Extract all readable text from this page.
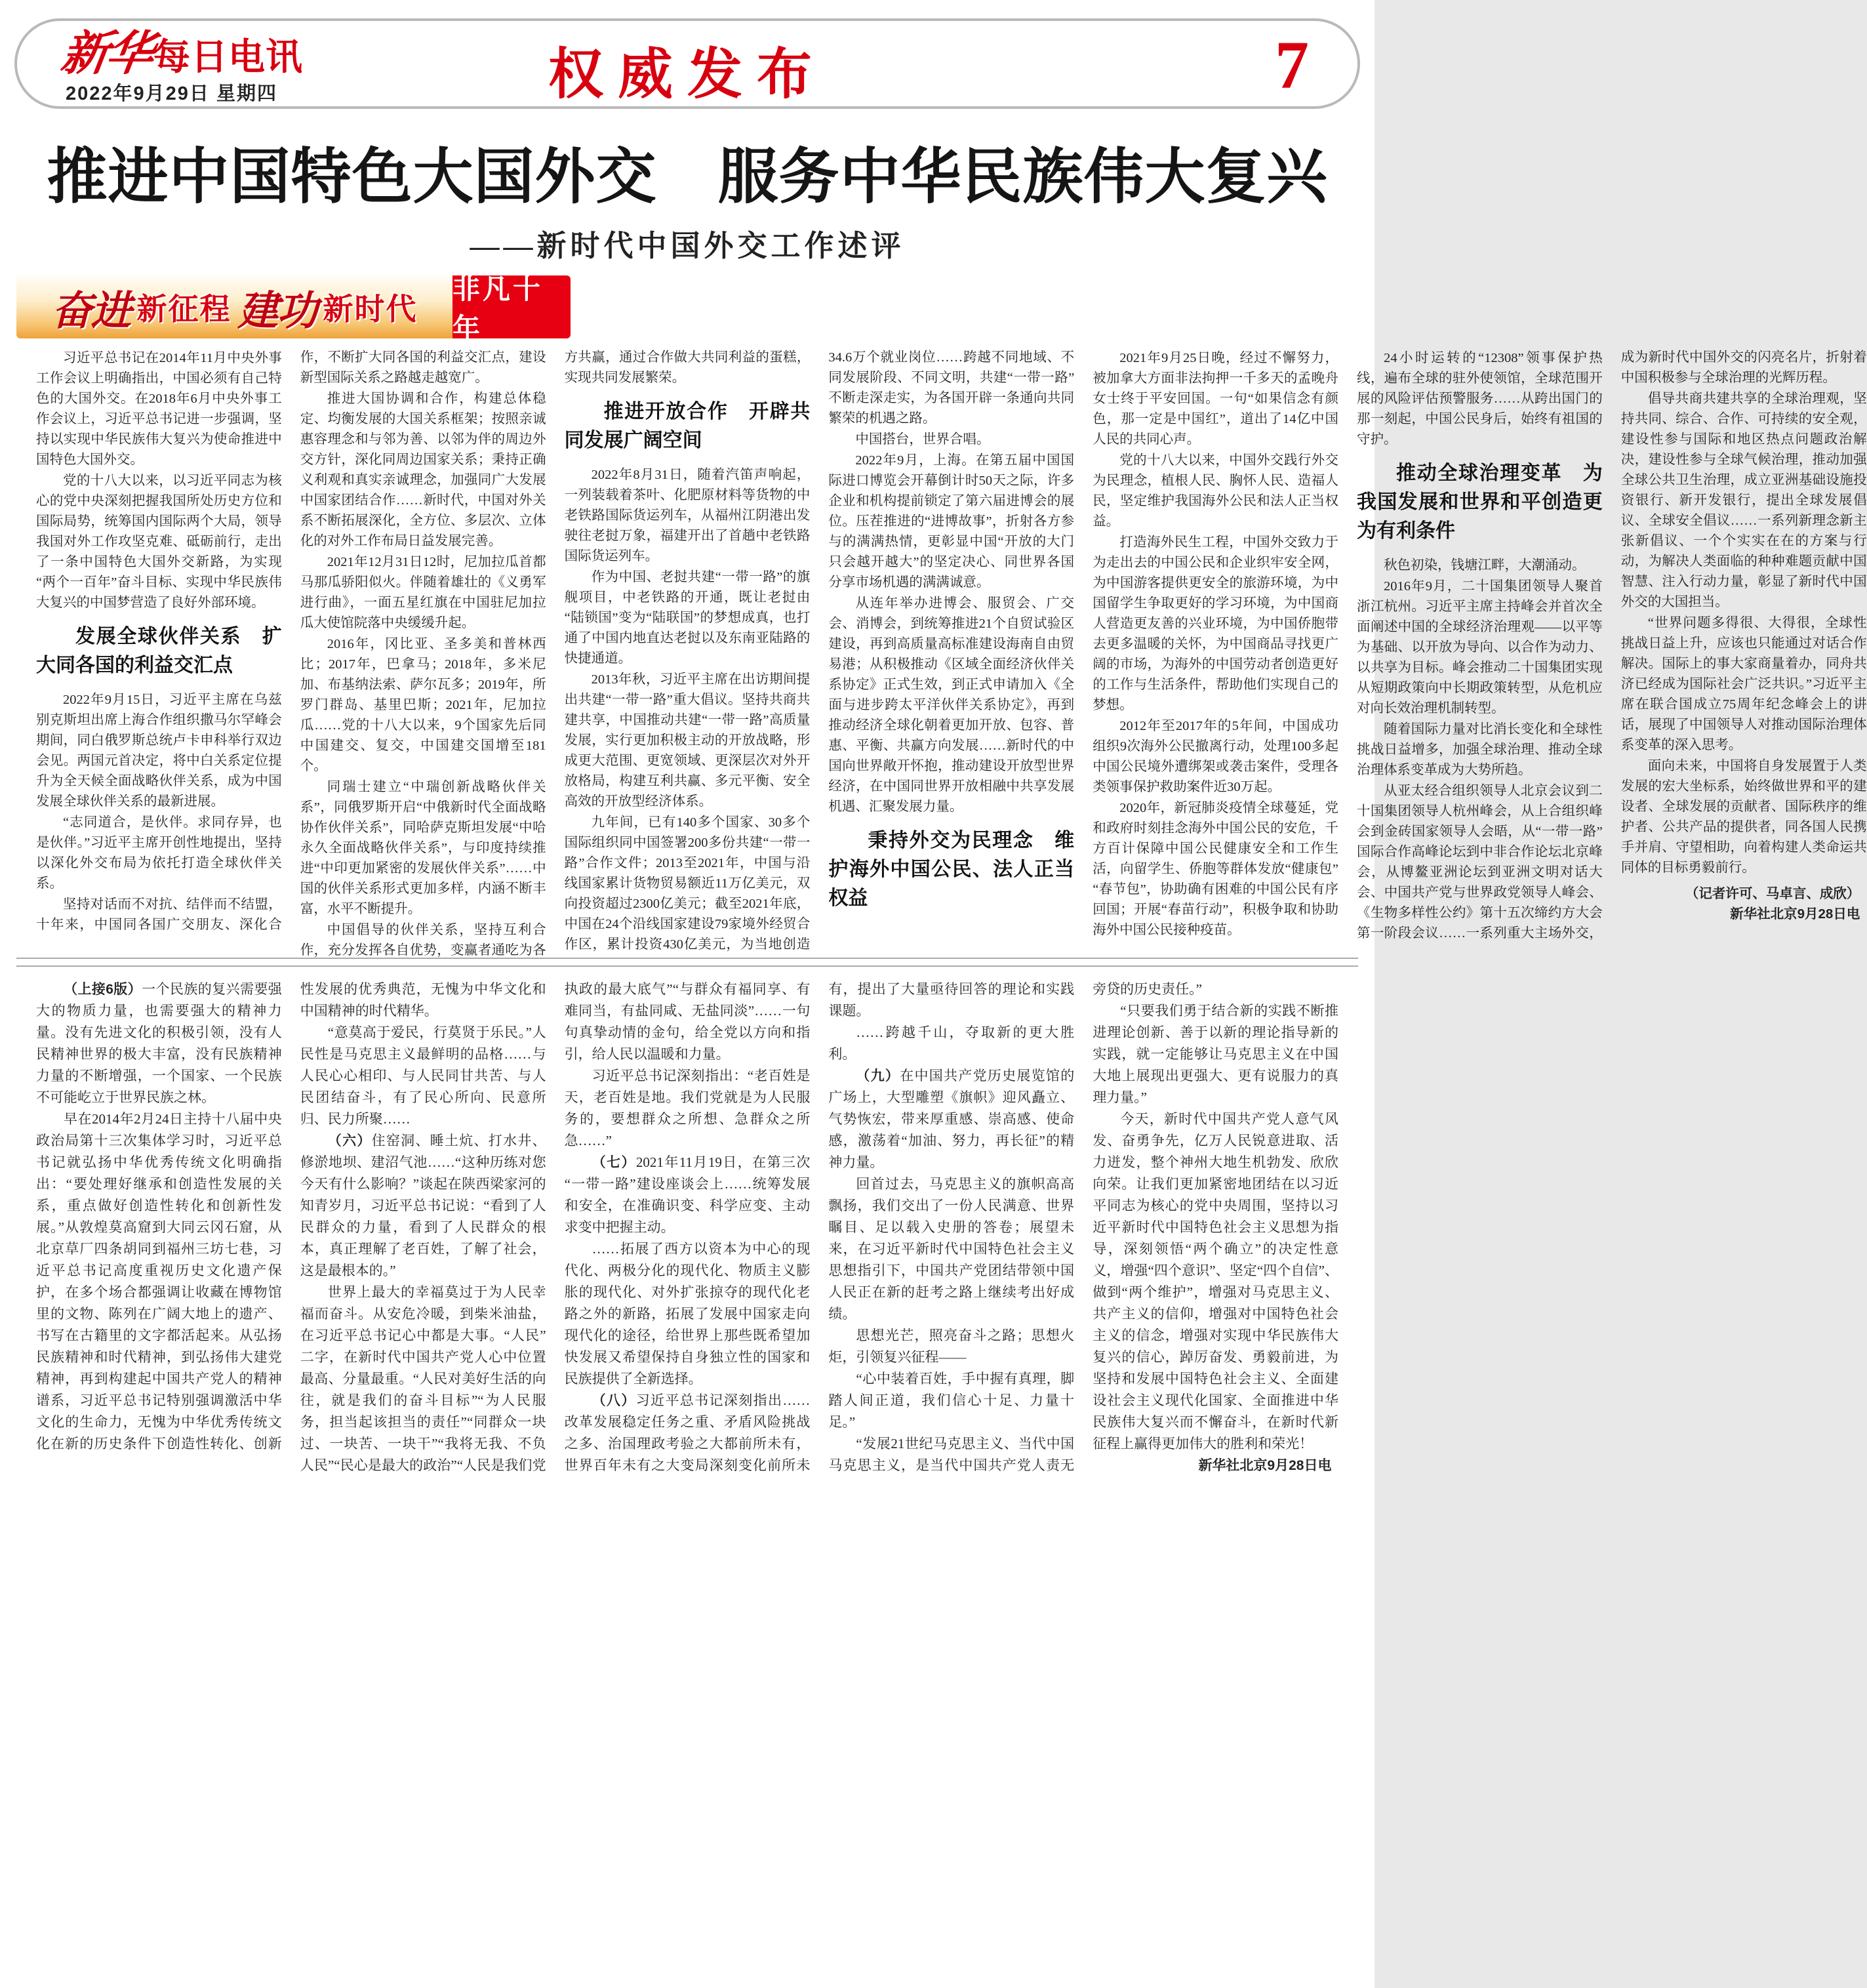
新华 每日电讯
2022年9月29日 星期四	权威发布	7
推进中国特色大国外交　服务中华民族伟大复兴
——新时代中国外交工作述评
奋进 新征程 建功 新时代
非凡十年

习近平总书记在2014年11月中央外事工作会议上明确指出，中国必须有自己特色的大国外交。在2018年6月中央外事工作会议上，习近平总书记进一步强调，坚持以实现中华民族伟大复兴为使命推进中国特色大国外交。

党的十八大以来，以习近平同志为核心的党中央深刻把握我国所处历史方位和国际局势，统筹国内国际两个大局，领导我国对外工作攻坚克难、砥砺前行，走出了一条中国特色大国外交新路，为实现“两个一百年”奋斗目标、实现中华民族伟大复兴的中国梦营造了良好外部环境。

发展全球伙伴关系　扩大同各国的利益交汇点

2022年9月15日，习近平主席在乌兹别克斯坦出席上海合作组织撒马尔罕峰会期间，同白俄罗斯总统卢卡申科举行双边会见。两国元首决定，将中白关系定位提升为全天候全面战略伙伴关系，成为中国发展全球伙伴关系的最新进展。

“志同道合，是伙伴。求同存异，也是伙伴。”习近平主席开创性地提出，坚持以深化外交布局为依托打造全球伙伴关系。

坚持对话而不对抗、结伴而不结盟，十年来，中国同各国广交朋友、深化合作，不断扩大同各国的利益交汇点，建设新型国际关系之路越走越宽广。

推进大国协调和合作，构建总体稳定、均衡发展的大国关系框架；按照亲诚惠容理念和与邻为善、以邻为伴的周边外交方针，深化同周边国家关系；秉持正确义利观和真实亲诚理念，加强同广大发展中国家团结合作……新时代，中国对外关系不断拓展深化，全方位、多层次、立体化的对外工作布局日益发展完善。

2021年12月31日12时，尼加拉瓜首都马那瓜骄阳似火。伴随着雄壮的《义勇军进行曲》，一面五星红旗在中国驻尼加拉瓜大使馆院落中央缓缓升起。

2016年，冈比亚、圣多美和普林西比；2017年，巴拿马；2018年，多米尼加、布基纳法索、萨尔瓦多；2019年，所罗门群岛、基里巴斯；2021年，尼加拉瓜……党的十八大以来，9个国家先后同中国建交、复交，中国建交国增至181个。

同瑞士建立“中瑞创新战略伙伴关系”，同俄罗斯开启“中俄新时代全面战略协作伙伴关系”，同哈萨克斯坦发展“中哈永久全面战略伙伴关系”，与印度持续推进“中印更加紧密的发展伙伴关系”……中国的伙伴关系形式更加多样，内涵不断丰富，水平不断提升。

中国倡导的伙伴关系，坚持互利合作，充分发挥各自优势，变赢者通吃为各方共赢，通过合作做大共同利益的蛋糕，实现共同发展繁荣。

推进开放合作　开辟共同发展广阔空间

2022年8月31日，随着汽笛声响起，一列装载着茶叶、化肥原材料等货物的中老铁路国际货运列车，从福州江阴港出发驶往老挝万象，福建开出了首趟中老铁路国际货运列车。

作为中国、老挝共建“一带一路”的旗舰项目，中老铁路的开通，既让老挝由“陆锁国”变为“陆联国”的梦想成真，也打通了中国内地直达老挝以及东南亚陆路的快捷通道。

2013年秋，习近平主席在出访期间提出共建“一带一路”重大倡议。坚持共商共建共享，中国推动共建“一带一路”高质量发展，实行更加积极主动的开放战略，形成更大范围、更宽领域、更深层次对外开放格局，构建互利共赢、多元平衡、安全高效的开放型经济体系。

九年间，已有140多个国家、30多个国际组织同中国签署200多份共建“一带一路”合作文件；2013至2021年，中国与沿线国家累计货物贸易额近11万亿美元，双向投资超过2300亿美元；截至2021年底，中国在24个沿线国家建设79家境外经贸合作区，累计投资430亿美元，为当地创造34.6万个就业岗位……跨越不同地域、不同发展阶段、不同文明，共建“一带一路”不断走深走实，为各国开辟一条通向共同繁荣的机遇之路。

中国搭台，世界合唱。

2022年9月，上海。在第五届中国国际进口博览会开幕倒计时50天之际，许多企业和机构提前锁定了第六届进博会的展位。压茬推进的“进博故事”，折射各方参与的满满热情，更彰显中国“开放的大门只会越开越大”的坚定决心、同世界各国分享市场机遇的满满诚意。

从连年举办进博会、服贸会、广交会、消博会，到统筹推进21个自贸试验区建设，再到高质量高标准建设海南自由贸易港；从积极推动《区域全面经济伙伴关系协定》正式生效，到正式申请加入《全面与进步跨太平洋伙伴关系协定》，再到推动经济全球化朝着更加开放、包容、普惠、平衡、共赢方向发展……新时代的中国向世界敞开怀抱，推动建设开放型世界经济，在中国同世界开放相融中共享发展机遇、汇聚发展力量。

秉持外交为民理念　维护海外中国公民、法人正当权益

2021年9月25日晚，经过不懈努力，被加拿大方面非法拘押一千多天的孟晚舟女士终于平安回国。一句“如果信念有颜色，那一定是中国红”，道出了14亿中国人民的共同心声。

党的十八大以来，中国外交践行外交为民理念，植根人民、胸怀人民、造福人民，坚定维护我国海外公民和法人正当权益。

打造海外民生工程，中国外交致力于为走出去的中国公民和企业织牢安全网，为中国游客提供更安全的旅游环境，为中国留学生争取更好的学习环境，为中国商人营造更友善的兴业环境，为中国侨胞带去更多温暖的关怀，为中国商品寻找更广阔的市场，为海外的中国劳动者创造更好的工作与生活条件，帮助他们实现自己的梦想。

2012年至2017年的5年间，中国成功组织9次海外公民撤离行动，处理100多起中国公民境外遭绑架或袭击案件，受理各类领事保护救助案件近30万起。

2020年，新冠肺炎疫情全球蔓延，党和政府时刻挂念海外中国公民的安危，千方百计保障中国公民健康安全和工作生活，向留学生、侨胞等群体发放“健康包”“春节包”，协助确有困难的中国公民有序回国；开展“春苗行动”，积极争取和协助海外中国公民接种疫苗。

24小时运转的“12308”领事保护热线，遍布全球的驻外使领馆，全球范围开展的风险评估预警服务……从跨出国门的那一刻起，中国公民身后，始终有祖国的守护。

推动全球治理变革　为我国发展和世界和平创造更为有利条件

秋色初染，钱塘江畔，大潮涌动。

2016年9月，二十国集团领导人聚首浙江杭州。习近平主席主持峰会并首次全面阐述中国的全球经济治理观——以平等为基础、以开放为导向、以合作为动力、以共享为目标。峰会推动二十国集团实现从短期政策向中长期政策转型，从危机应对向长效治理机制转型。

随着国际力量对比消长变化和全球性挑战日益增多，加强全球治理、推动全球治理体系变革成为大势所趋。

从亚太经合组织领导人北京会议到二十国集团领导人杭州峰会，从上合组织峰会到金砖国家领导人会晤，从“一带一路”国际合作高峰论坛到中非合作论坛北京峰会，从博鳌亚洲论坛到亚洲文明对话大会、中国共产党与世界政党领导人峰会、《生物多样性公约》第十五次缔约方大会第一阶段会议……一系列重大主场外交，成为新时代中国外交的闪亮名片，折射着中国积极参与全球治理的光辉历程。

倡导共商共建共享的全球治理观，坚持共同、综合、合作、可持续的安全观，建设性参与国际和地区热点问题政治解决，建设性参与全球气候治理，推动加强全球公共卫生治理，成立亚洲基础设施投资银行、新开发银行，提出全球发展倡议、全球安全倡议……一系列新理念新主张新倡议、一个个实实在在的方案与行动，为解决人类面临的种种难题贡献中国智慧、注入行动力量，彰显了新时代中国外交的大国担当。

“世界问题多得很、大得很，全球性挑战日益上升，应该也只能通过对话合作解决。国际上的事大家商量着办，同舟共济已经成为国际社会广泛共识。”习近平主席在联合国成立75周年纪念峰会上的讲话，展现了中国领导人对推动国际治理体系变革的深入思考。

面向未来，中国将自身发展置于人类发展的宏大坐标系，始终做世界和平的建设者、全球发展的贡献者、国际秩序的维护者、公共产品的提供者，同各国人民携手并肩、守望相助，向着构建人类命运共同体的目标勇毅前行。

（记者许可、马卓言、成欣）

新华社北京9月28日电

（上接6版）一个民族的复兴需要强大的物质力量，也需要强大的精神力量。没有先进文化的积极引领，没有人民精神世界的极大丰富，没有民族精神力量的不断增强，一个国家、一个民族不可能屹立于世界民族之林。

早在2014年2月24日主持十八届中央政治局第十三次集体学习时，习近平总书记就弘扬中华优秀传统文化明确指出：“要处理好继承和创造性发展的关系，重点做好创造性转化和创新性发展。”从敦煌莫高窟到大同云冈石窟，从北京草厂四条胡同到福州三坊七巷，习近平总书记高度重视历史文化遗产保护，在多个场合都强调让收藏在博物馆里的文物、陈列在广阔大地上的遗产、书写在古籍里的文字都活起来。从弘扬民族精神和时代精神，到弘扬伟大建党精神，再到构建起中国共产党人的精神谱系，习近平总书记特别强调激活中华文化的生命力，无愧为中华优秀传统文化在新的历史条件下创造性转化、创新性发展的优秀典范，无愧为中华文化和中国精神的时代精华。

“意莫高于爱民，行莫贤于乐民。”人民性是马克思主义最鲜明的品格……与人民心心相印、与人民同甘共苦、与人民团结奋斗，有了民心所向、民意所归、民力所聚……

（六）住窑洞、睡土炕、打水井、修淤地坝、建沼气池……“这种历练对您今天有什么影响？”谈起在陕西梁家河的知青岁月，习近平总书记说：“看到了人民群众的力量，看到了人民群众的根本，真正理解了老百姓，了解了社会，这是最根本的。”

世界上最大的幸福莫过于为人民幸福而奋斗。从安危冷暖，到柴米油盐，在习近平总书记心中都是大事。“人民”二字，在新时代中国共产党人心中位置最高、分量最重。“人民对美好生活的向往，就是我们的奋斗目标”“为人民服务，担当起该担当的责任”“同群众一块过、一块苦、一块干”“我将无我、不负人民”“民心是最大的政治”“人民是我们党执政的最大底气”“与群众有福同享、有难同当，有盐同咸、无盐同淡”……一句句真挚动情的金句，给全党以方向和指引，给人民以温暖和力量。

习近平总书记深刻指出：“老百姓是天，老百姓是地。我们党就是为人民服务的，要想群众之所想、急群众之所急……”

（七）2021年11月19日，在第三次“一带一路”建设座谈会上……统筹发展和安全，在准确识变、科学应变、主动求变中把握主动。

……拓展了西方以资本为中心的现代化、两极分化的现代化、物质主义膨胀的现代化、对外扩张掠夺的现代化老路之外的新路，拓展了发展中国家走向现代化的途径，给世界上那些既希望加快发展又希望保持自身独立性的国家和民族提供了全新选择。

（八）习近平总书记深刻指出……改革发展稳定任务之重、矛盾风险挑战之多、治国理政考验之大都前所未有，世界百年未有之大变局深刻变化前所未有，提出了大量亟待回答的理论和实践课题。

……跨越千山，夺取新的更大胜利。

（九）在中国共产党历史展览馆的广场上，大型雕塑《旗帜》迎风矗立、气势恢宏，带来厚重感、崇高感、使命感，激荡着“加油、努力，再长征”的精神力量。

回首过去，马克思主义的旗帜高高飘扬，我们交出了一份人民满意、世界瞩目、足以载入史册的答卷；展望未来，在习近平新时代中国特色社会主义思想指引下，中国共产党团结带领中国人民正在新的赶考之路上继续考出好成绩。

思想光芒，照亮奋斗之路；思想火炬，引领复兴征程——

“心中装着百姓，手中握有真理，脚踏人间正道，我们信心十足、力量十足。”

“发展21世纪马克思主义、当代中国马克思主义，是当代中国共产党人责无旁贷的历史责任。”

“只要我们勇于结合新的实践不断推进理论创新、善于以新的理论指导新的实践，就一定能够让马克思主义在中国大地上展现出更强大、更有说服力的真理力量。”

今天，新时代中国共产党人意气风发、奋勇争先，亿万人民锐意进取、活力迸发，整个神州大地生机勃发、欣欣向荣。让我们更加紧密地团结在以习近平同志为核心的党中央周围，坚持以习近平新时代中国特色社会主义思想为指导，深刻领悟“两个确立”的决定性意义，增强“四个意识”、坚定“四个自信”、做到“两个维护”，增强对马克思主义、共产主义的信仰，增强对中国特色社会主义的信念，增强对实现中华民族伟大复兴的信心，踔厉奋发、勇毅前进，为坚持和发展中国特色社会主义、全面建设社会主义现代化国家、全面推进中华民族伟大复兴而不懈奋斗，在新时代新征程上赢得更加伟大的胜利和荣光！

新华社北京9月28日电
